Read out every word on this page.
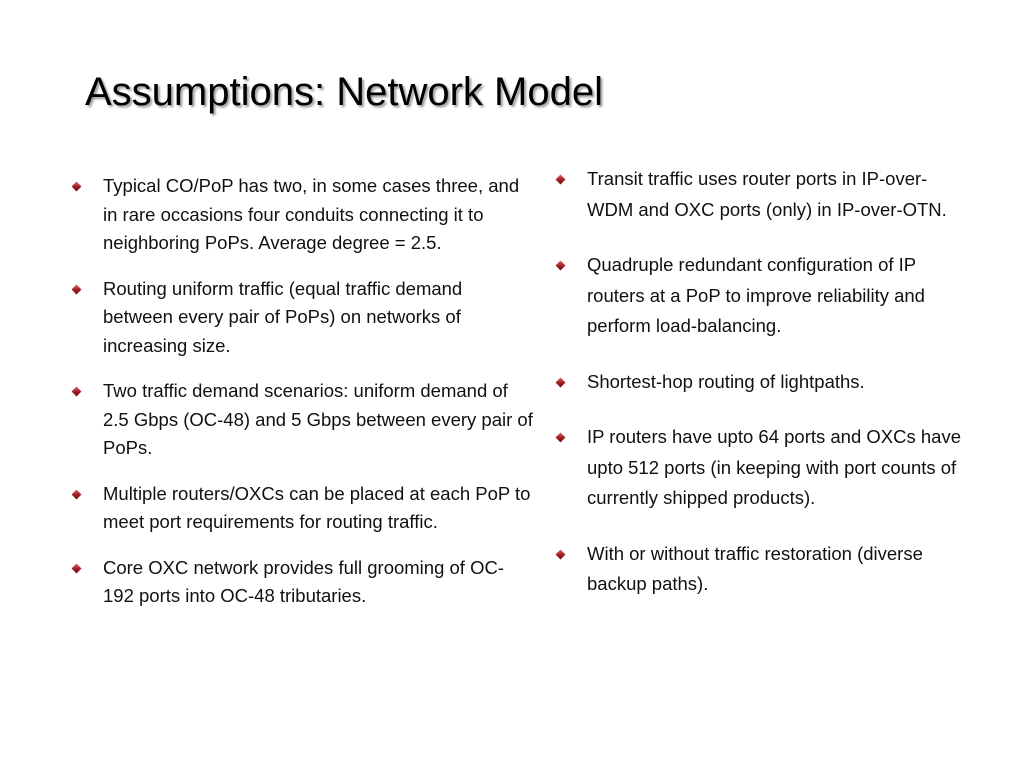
Assumptions: Network Model
Typical CO/PoP has two, in some cases three, and in rare occasions four conduits connecting it to neighboring PoPs. Average degree = 2.5.
Routing uniform traffic (equal traffic demand between every pair of PoPs) on networks of increasing size.
Two traffic demand scenarios: uniform demand of 2.5 Gbps (OC-48) and 5 Gbps between every pair of PoPs.
Multiple routers/OXCs can be placed at each PoP to meet port requirements for routing traffic.
Core OXC network provides full grooming of OC-192 ports into OC-48 tributaries.
Transit traffic uses router ports in IP-over-WDM and OXC ports (only) in IP-over-OTN.
Quadruple redundant configuration of IP routers at a PoP to improve reliability and perform load-balancing.
Shortest-hop routing of lightpaths.
IP routers have upto 64 ports and OXCs have upto 512 ports (in keeping with port counts of currently shipped products).
With or without traffic restoration (diverse backup paths).
